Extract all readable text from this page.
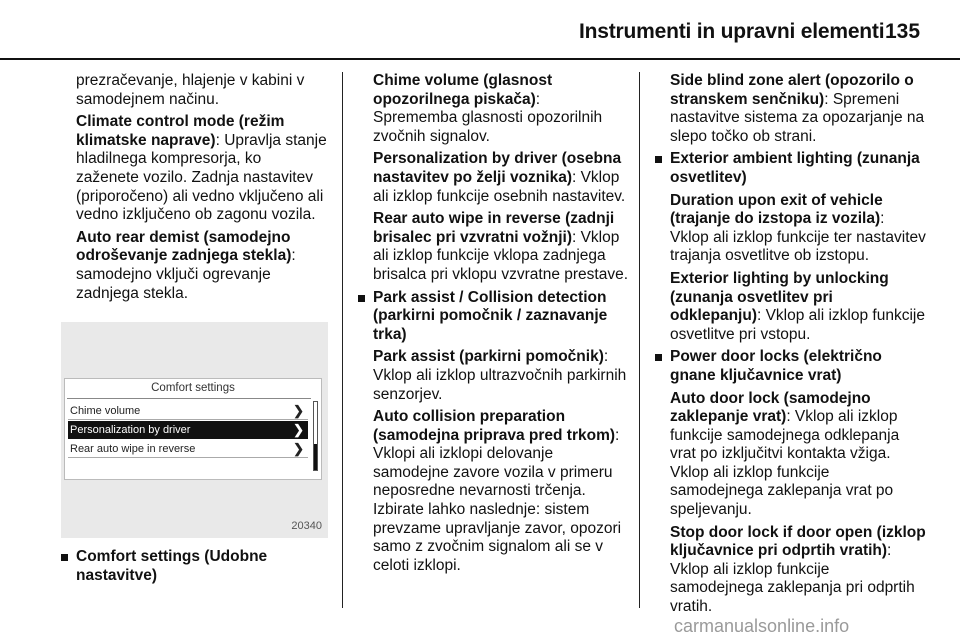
Instrumenti in upravni elementi 135

prezračevanje, hlajenje v kabini v samodejnem načinu.

Climate control mode (režim klimatske naprave): Upravlja stanje hladilnega kompresorja, ko zaženete vozilo. Zadnja nastavitev (priporočeno) ali vedno vključeno ali vedno izključeno ob zagonu vozila.

Auto rear demist (samodejno odroševanje zadnjega stekla): samodejno vključi ogrevanje zadnjega stekla.

Comfort settings
Chime volume	❯
Personalization by driver	❯
Rear auto wipe in reverse	❯
20340

Comfort settings (Udobne nastavitve)

Chime volume (glasnost opozorilnega piskača): Sprememba glasnosti opozorilnih zvočnih signalov.

Personalization by driver (osebna nastavitev po želji voznika): Vklop ali izklop funkcije osebnih nastavitev.

Rear auto wipe in reverse (zadnji brisalec pri vzvratni vožnji): Vklop ali izklop funkcije vklopa zadnjega brisalca pri vklopu vzvratne prestave.

Park assist / Collision detection (parkirni pomočnik / zaznavanje trka)

Park assist (parkirni pomočnik): Vklop ali izklop ultrazvočnih parkirnih senzorjev.

Auto collision preparation (samodejna priprava pred trkom): Vklopi ali izklopi delovanje samodejne zavore vozila v primeru neposredne nevarnosti trčenja. Izbirate lahko naslednje: sistem prevzame upravljanje zavor, opozori samo z zvočnim signalom ali se v celoti izklopi.

Side blind zone alert (opozorilo o stranskem senčniku): Spremeni nastavitve sistema za opozarjanje na slepo točko ob strani.

Exterior ambient lighting (zunanja osvetlitev)

Duration upon exit of vehicle (trajanje do izstopa iz vozila): Vklop ali izklop funkcije ter nastavitev trajanja osvetlitve ob izstopu.

Exterior lighting by unlocking (zunanja osvetlitev pri odklepanju): Vklop ali izklop funkcije osvetlitve pri vstopu.

Power door locks (električno gnane ključavnice vrat)

Auto door lock (samodejno zaklepanje vrat): Vklop ali izklop funkcije samodejnega odklepanja vrat po izključitvi kontakta vžiga. Vklop ali izklop funkcije samodejnega zaklepanja vrat po speljevanju.

Stop door lock if door open (izklop ključavnice pri odprtih vratih): Vklop ali izklop funkcije samodejnega zaklepanja pri odprtih vratih.

carmanualsonline.info
